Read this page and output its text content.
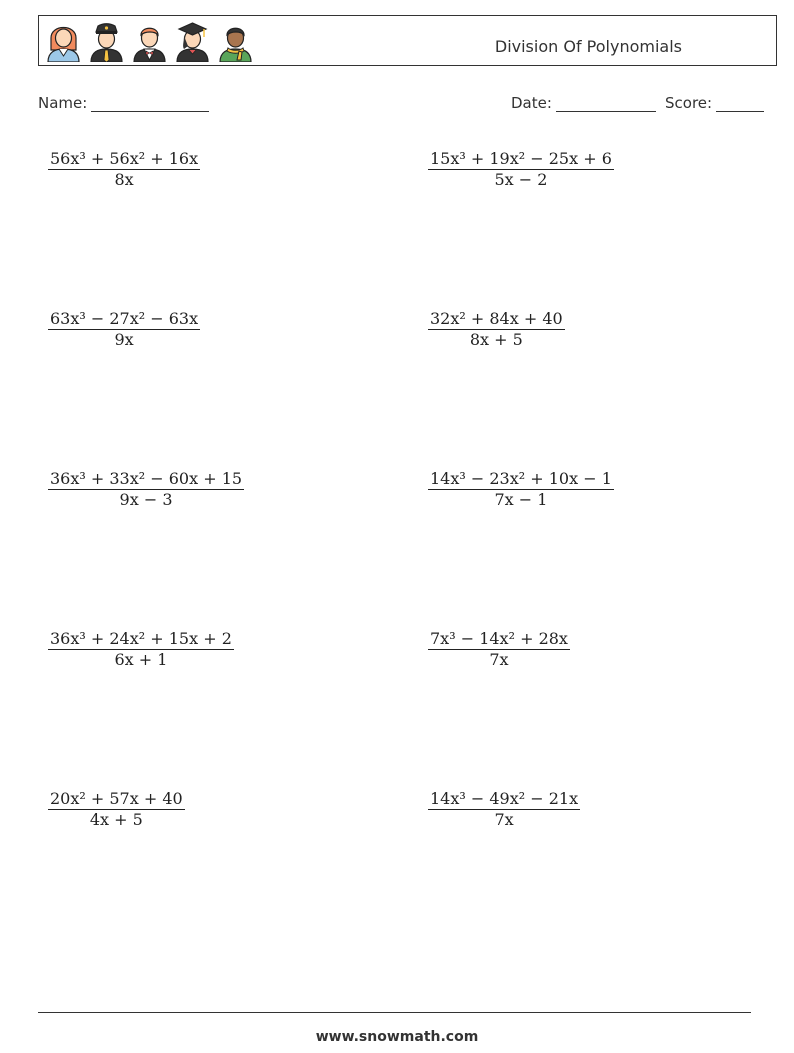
Division Of Polynomials
Name:	Date:	Score:
$\frac{\text{56x³ + 56x² + 16x}}{8x}$	$\frac{\text{15x³ + 19x² − 25x + 6}}{5x - 2}$
$\frac{\text{63x³ − 27x² − 63x}}{9x}$	$\frac{\text{32x² + 84x + 40}}{8x + 5}$
$\frac{\text{36x³ + 33x² − 60x + 15}}{9x - 3}$	$\frac{\text{14x³ − 23x² + 10x − 1}}{7x - 1}$
$\frac{\text{36x³ + 24x² + 15x + 2}}{6x + 1}$	$\frac{\text{7x³ − 14x² + 28x}}{7x}$
$\frac{\text{20x² + 57x + 40}}{4x + 5}$	$\frac{\text{14x³ − 49x² − 21x}}{7x}$
www.snowmath.com
